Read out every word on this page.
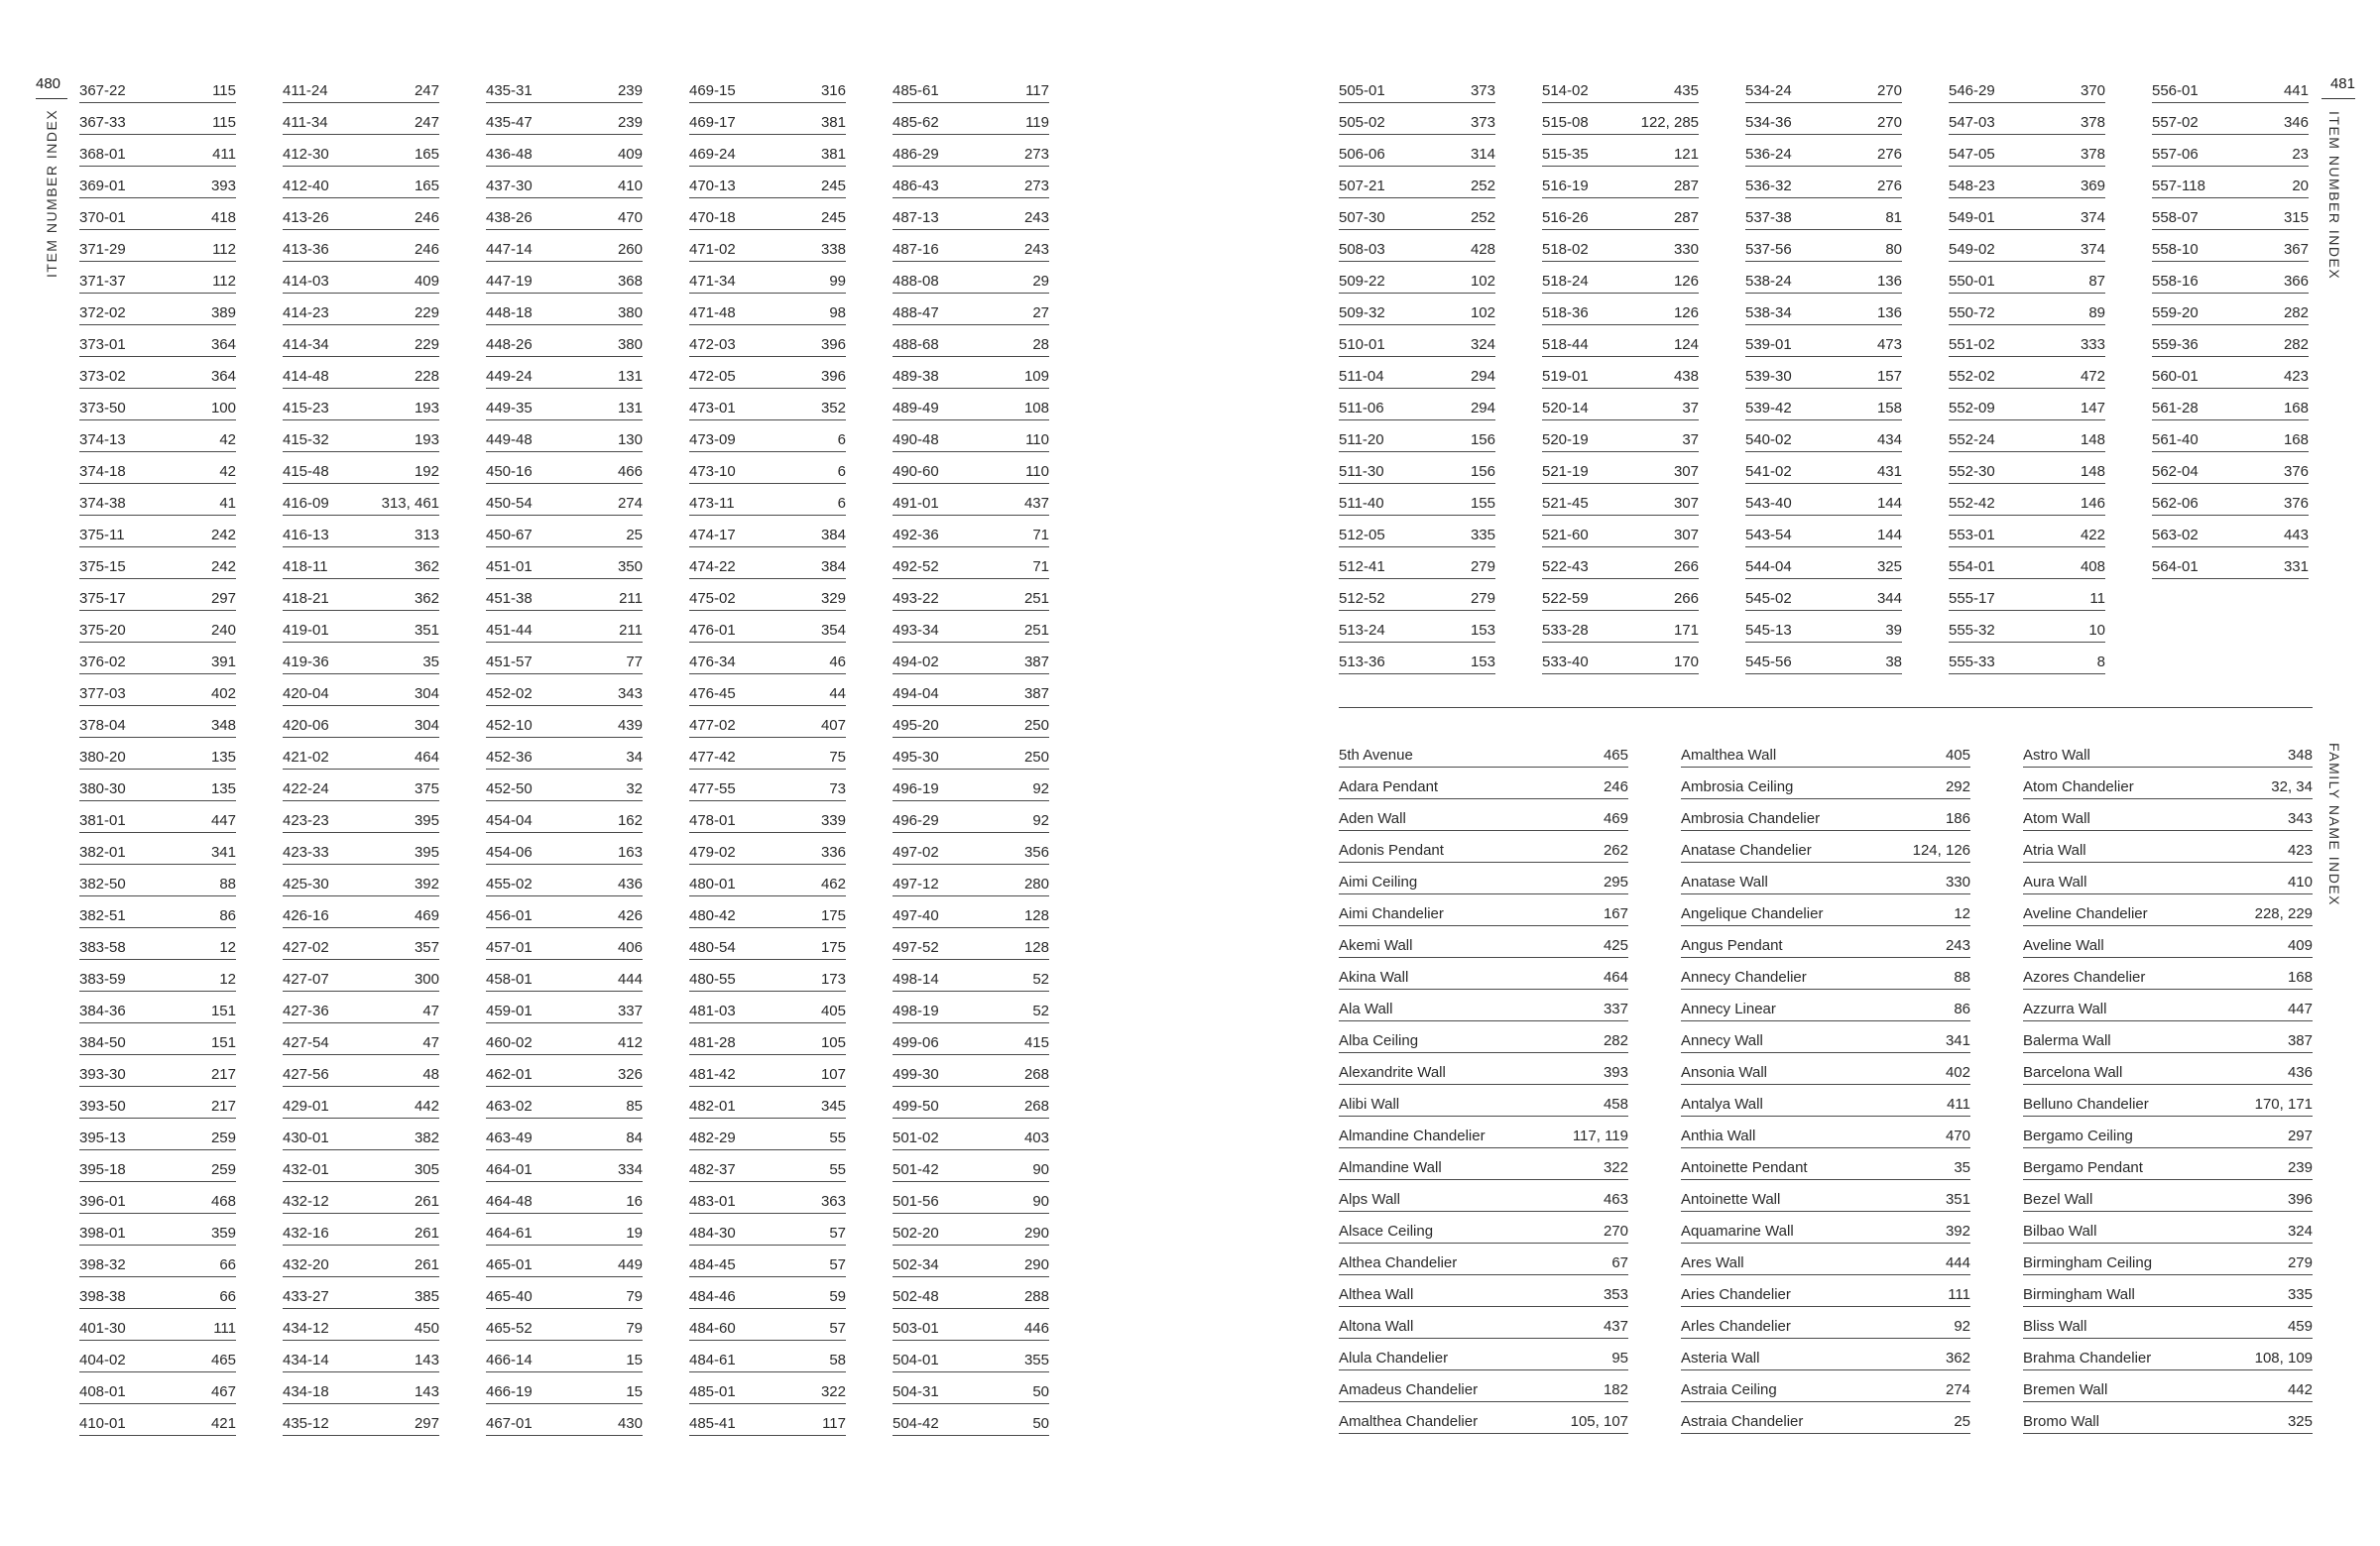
480
ITEM NUMBER INDEX
367-22	115
367-33	115
368-01	411
369-01	393
370-01	418
371-29	112
371-37	112
372-02	389
373-01	364
373-02	364
373-50	100
374-13	42
374-18	42
374-38	41
375-11	242
375-15	242
375-17	297
375-20	240
376-02	391
377-03	402
378-04	348
380-20	135
380-30	135
381-01	447
382-01	341
382-50	88
382-51	86
383-58	12
383-59	12
384-36	151
384-50	151
393-30	217
393-50	217
395-13	259
395-18	259
396-01	468
398-01	359
398-32	66
398-38	66
401-30	111
404-02	465
408-01	467
410-01	421
411-24	247
411-34	247
412-30	165
412-40	165
413-26	246
413-36	246
414-03	409
414-23	229
414-34	229
414-48	228
415-23	193
415-32	193
415-48	192
416-09	313, 461
416-13	313
418-11	362
418-21	362
419-01	351
419-36	35
420-04	304
420-06	304
421-02	464
422-24	375
423-23	395
423-33	395
425-30	392
426-16	469
427-02	357
427-07	300
427-36	47
427-54	47
427-56	48
429-01	442
430-01	382
432-01	305
432-12	261
432-16	261
432-20	261
433-27	385
434-12	450
434-14	143
434-18	143
435-12	297
435-31	239
435-47	239
436-48	409
437-30	410
438-26	470
447-14	260
447-19	368
448-18	380
448-26	380
449-24	131
449-35	131
449-48	130
450-16	466
450-54	274
450-67	25
451-01	350
451-38	211
451-44	211
451-57	77
452-02	343
452-10	439
452-36	34
452-50	32
454-04	162
454-06	163
455-02	436
456-01	426
457-01	406
458-01	444
459-01	337
460-02	412
462-01	326
463-02	85
463-49	84
464-01	334
464-48	16
464-61	19
465-01	449
465-40	79
465-52	79
466-14	15
466-19	15
467-01	430
469-15	316
469-17	381
469-24	381
470-13	245
470-18	245
471-02	338
471-34	99
471-48	98
472-03	396
472-05	396
473-01	352
473-09	6
473-10	6
473-11	6
474-17	384
474-22	384
475-02	329
476-01	354
476-34	46
476-45	44
477-02	407
477-42	75
477-55	73
478-01	339
479-02	336
480-01	462
480-42	175
480-54	175
480-55	173
481-03	405
481-28	105
481-42	107
482-01	345
482-29	55
482-37	55
483-01	363
484-30	57
484-45	57
484-46	59
484-60	57
484-61	58
485-01	322
485-41	117
485-61	117
485-62	119
486-29	273
486-43	273
487-13	243
487-16	243
488-08	29
488-47	27
488-68	28
489-38	109
489-49	108
490-48	110
490-60	110
491-01	437
492-36	71
492-52	71
493-22	251
493-34	251
494-02	387
494-04	387
495-20	250
495-30	250
496-19	92
496-29	92
497-02	356
497-12	280
497-40	128
497-52	128
498-14	52
498-19	52
499-06	415
499-30	268
499-50	268
501-02	403
501-42	90
501-56	90
502-20	290
502-34	290
502-48	288
503-01	446
504-01	355
504-31	50
504-42	50
481
ITEM NUMBER INDEX
FAMILY NAME INDEX
505-01	373
505-02	373
506-06	314
507-21	252
507-30	252
508-03	428
509-22	102
509-32	102
510-01	324
511-04	294
511-06	294
511-20	156
511-30	156
511-40	155
512-05	335
512-41	279
512-52	279
513-24	153
513-36	153
514-02	435
515-08	122, 285
515-35	121
516-19	287
516-26	287
518-02	330
518-24	126
518-36	126
518-44	124
519-01	438
520-14	37
520-19	37
521-19	307
521-45	307
521-60	307
522-43	266
522-59	266
533-28	171
533-40	170
534-24	270
534-36	270
536-24	276
536-32	276
537-38	81
537-56	80
538-24	136
538-34	136
539-01	473
539-30	157
539-42	158
540-02	434
541-02	431
543-40	144
543-54	144
544-04	325
545-02	344
545-13	39
545-56	38
546-29	370
547-03	378
547-05	378
548-23	369
549-01	374
549-02	374
550-01	87
550-72	89
551-02	333
552-02	472
552-09	147
552-24	148
552-30	148
552-42	146
553-01	422
554-01	408
555-17	11
555-32	10
555-33	8
556-01	441
557-02	346
557-06	23
557-118	20
558-07	315
558-10	367
558-16	366
559-20	282
559-36	282
560-01	423
561-28	168
561-40	168
562-04	376
562-06	376
563-02	443
564-01	331
5th Avenue	465
Adara Pendant	246
Aden Wall	469
Adonis Pendant	262
Aimi Ceiling	295
Aimi Chandelier	167
Akemi Wall	425
Akina Wall	464
Ala Wall	337
Alba Ceiling	282
Alexandrite Wall	393
Alibi Wall	458
Almandine Chandelier	117, 119
Almandine Wall	322
Alps Wall	463
Alsace Ceiling	270
Althea Chandelier	67
Althea Wall	353
Altona Wall	437
Alula Chandelier	95
Amadeus Chandelier	182
Amalthea Chandelier	105, 107
Amalthea Wall	405
Ambrosia Ceiling	292
Ambrosia Chandelier	186
Anatase Chandelier	124, 126
Anatase Wall	330
Angelique Chandelier	12
Angus Pendant	243
Annecy Chandelier	88
Annecy Linear	86
Annecy Wall	341
Ansonia Wall	402
Antalya Wall	411
Anthia Wall	470
Antoinette Pendant	35
Antoinette Wall	351
Aquamarine Wall	392
Ares Wall	444
Aries Chandelier	111
Arles Chandelier	92
Asteria Wall	362
Astraia Ceiling	274
Astraia Chandelier	25
Astro Wall	348
Atom Chandelier	32, 34
Atom Wall	343
Atria Wall	423
Aura Wall	410
Aveline Chandelier	228, 229
Aveline Wall	409
Azores Chandelier	168
Azzurra Wall	447
Balerma Wall	387
Barcelona Wall	436
Belluno Chandelier	170, 171
Bergamo Ceiling	297
Bergamo Pendant	239
Bezel Wall	396
Bilbao Wall	324
Birmingham Ceiling	279
Birmingham Wall	335
Bliss Wall	459
Brahma Chandelier	108, 109
Bremen Wall	442
Bromo Wall	325
